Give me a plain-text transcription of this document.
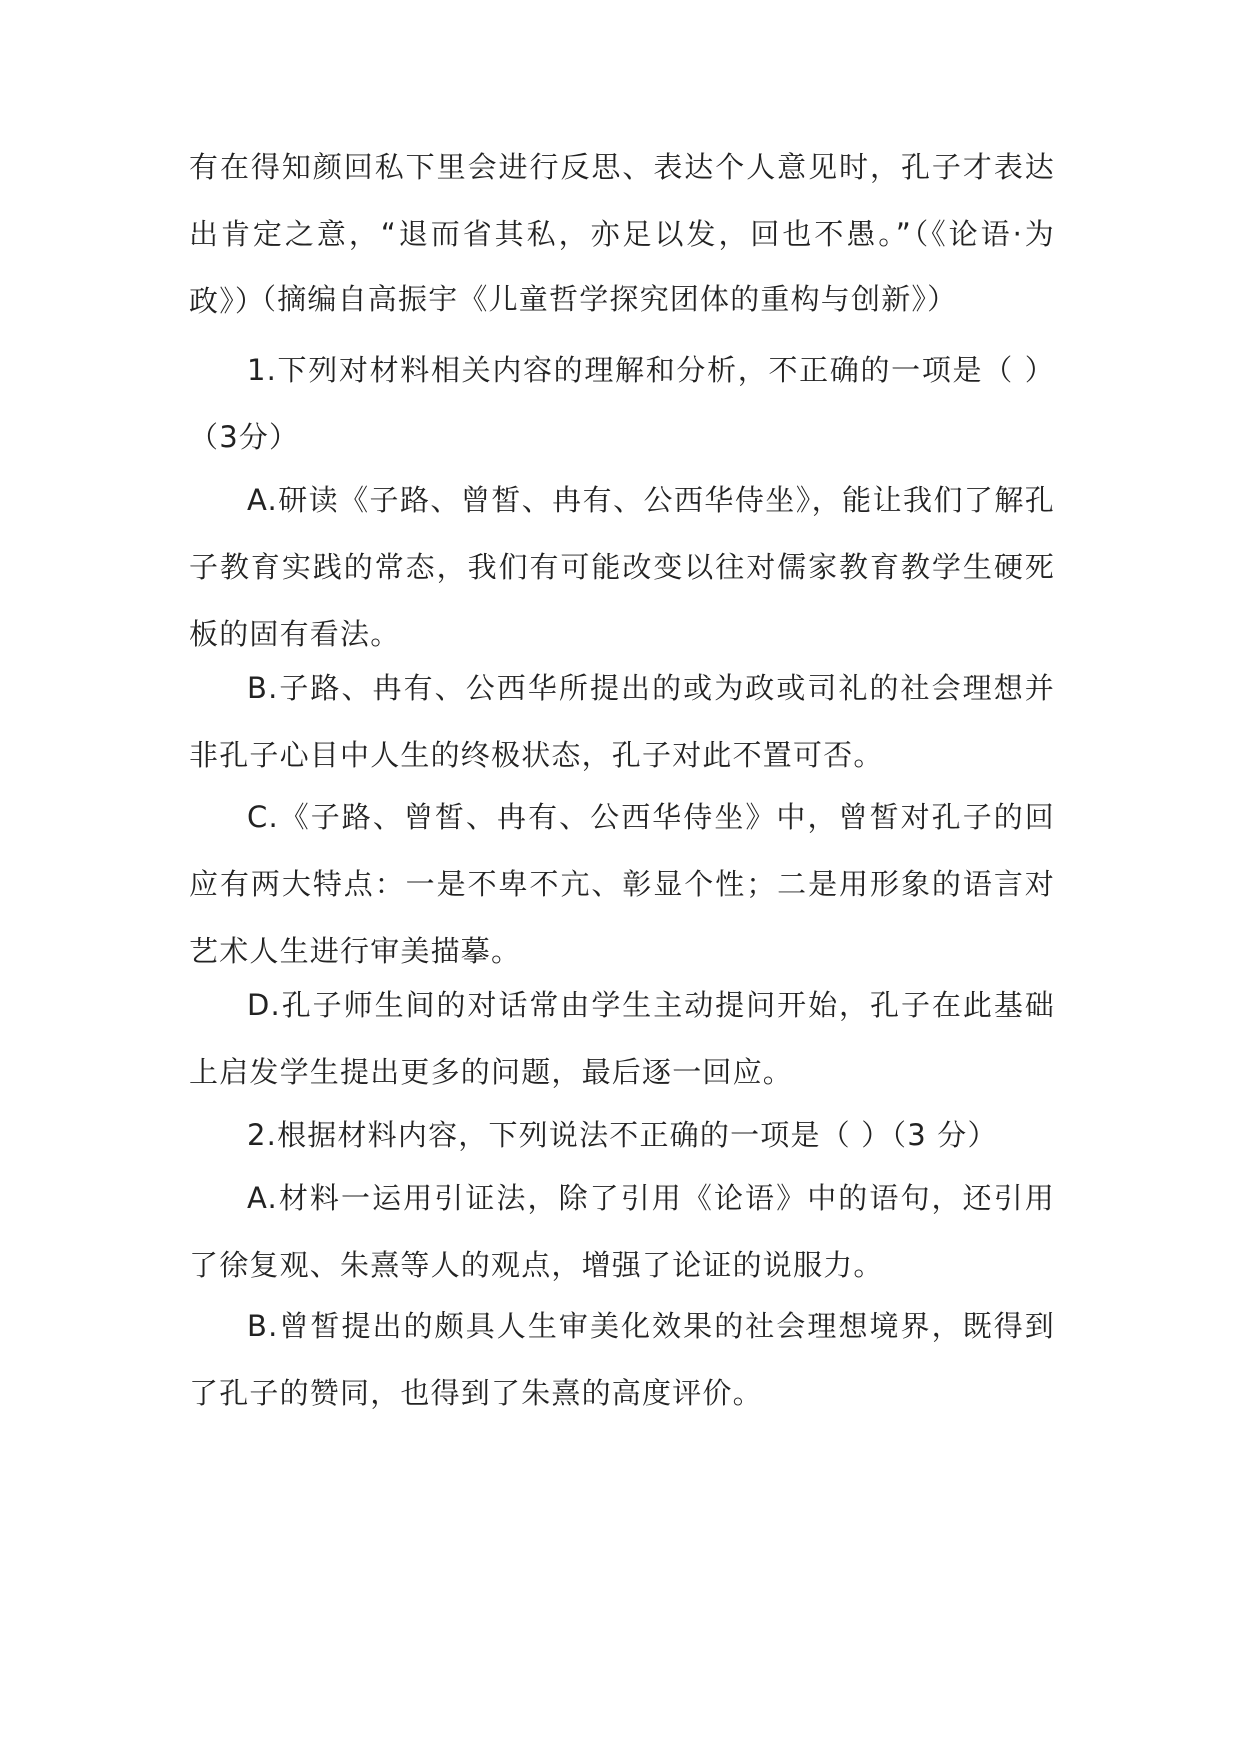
有在得知颜回私下里会进行反思、表达个人意见时，孔子才表达出肯定之意，“退而省其私，亦足以发，回也不愚。”（《论语·为政》）

（摘编自高振宇《儿童哲学探究团体的重构与创新》）

1.下列对材料相关内容的理解和分析，不正确的一项是（ ）（3分）

A.研读《子路、曾皙、冉有、公西华侍坐》，能让我们了解孔子教育实践的常态，我们有可能改变以往对儒家教育教学生硬死板的固有看法。

B.子路、冉有、公西华所提出的或为政或司礼的社会理想并非孔子心目中人生的终极状态，孔子对此不置可否。

C.《子路、曾皙、冉有、公西华侍坐》中，曾皙对孔子的回应有两大特点：一是不卑不亢、彰显个性；二是用形象的语言对艺术人生进行审美描摹。

D.孔子师生间的对话常由学生主动提问开始，孔子在此基础上启发学生提出更多的问题，最后逐一回应。

2.根据材料内容，下列说法不正确的一项是（ ）（3 分）

A.材料一运用引证法，除了引用《论语》中的语句，还引用了徐复观、朱熹等人的观点，增强了论证的说服力。

B.曾皙提出的颇具人生审美化效果的社会理想境界，既得到了孔子的赞同，也得到了朱熹的高度评价。
